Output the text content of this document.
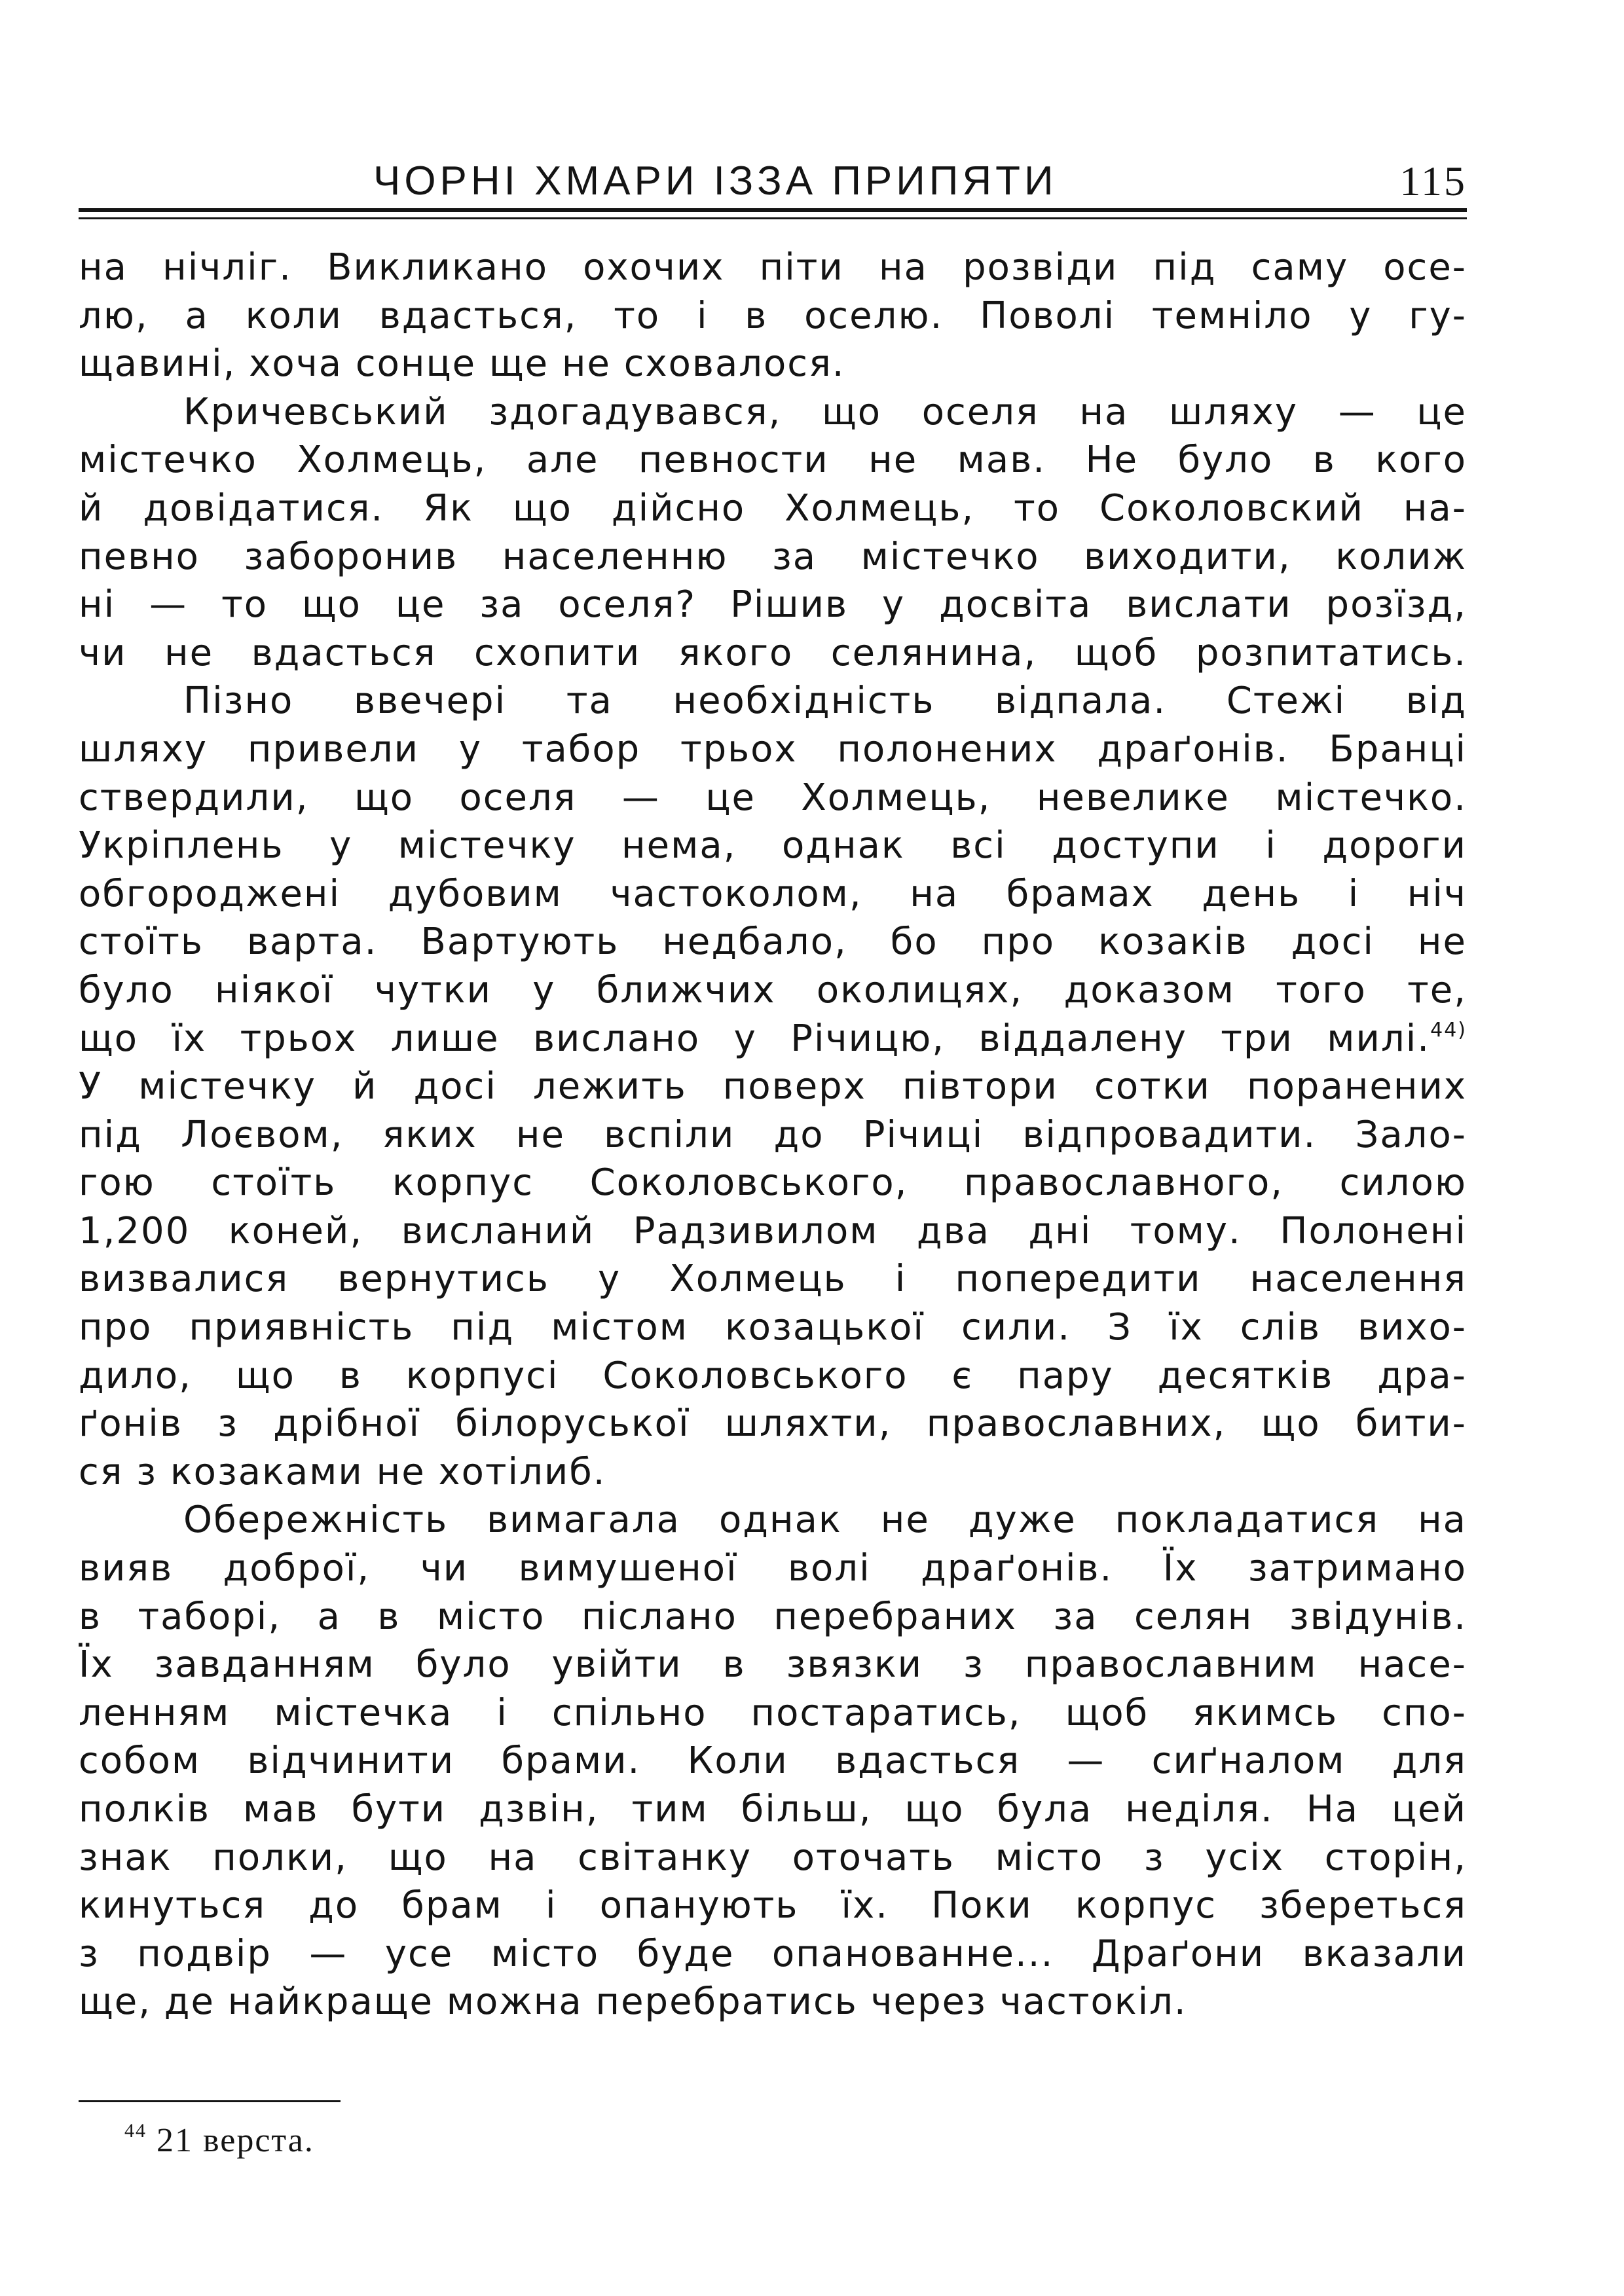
ЧОРНІ ХМАРИ ІЗЗА ПРИПЯТИ	115
на нічліг. Викликано охочих піти на розвіди під саму осе-
лю, а коли вдасться, то і в оселю. Поволі темніло у гу-
щавині, хоча сонце ще не сховалося.
Кричевський здогадувався, що оселя на шляху — це
містечко Холмець, але певности не мав. Не було в кого
й довідатися. Як що дійсно Холмець, то Соколовский на-
певно заборонив населенню за містечко виходити, колиж
ні — то що це за оселя? Рішив у досвіта вислати розїзд,
чи не вдасться схопити якого селянина, щоб розпитатись.
Пізно ввечері та необхідність відпала. Стежі від
шляху привели у табор трьох полонених драґонів. Бранці
ствердили, що оселя — це Холмець, невелике містечко.
Укріплень у містечку нема, однак всі доступи і дороги
обгороджені дубовим частоколом, на брамах день і ніч
стоїть варта. Вартують недбало, бо про козаків досі не
було ніякої чутки у ближчих околицях, доказом того те,
що їх трьох лише вислано у Річицю, віддалену три милі.$^{44)}$
У містечку й досі лежить поверх півтори сотки поранених
під Лоєвом, яких не вспіли до Річиці відпровадити. Зало-
гою стоїть корпус Соколовського, православного, силою
1,200 коней, висланий Радзивилом два дні тому. Полонені
визвалися вернутись у Холмець і попередити населення
про приявність під містом козацької сили. З їх слів вихо-
дило, що в корпусі Соколовського є пару десятків дра-
ґонів з дрібної білоруської шляхти, православних, що бити-
ся з козаками не хотілиб.
Обережність вимагала однак не дуже покладатися на
вияв доброї, чи вимушеної волі драґонів. Їх затримано
в таборі, а в місто післано перебраних за селян звідунів.
Їх завданням було увійти в звязки з православним насе-
ленням містечка і спільно постаратись, щоб якимсь спо-
собом відчинити брами. Коли вдасться — сиґналом для
полків мав бути дзвін, тим більш, що була неділя. На цей
знак полки, що на світанку оточать місто з усіх сторін,
кинуться до брам і опанують їх. Поки корпус збереться
з подвір — усе місто буде опанованне... Драґони вказали
ще, де найкраще можна перебратись через частокіл.
$^{44}$ 21 верста.
